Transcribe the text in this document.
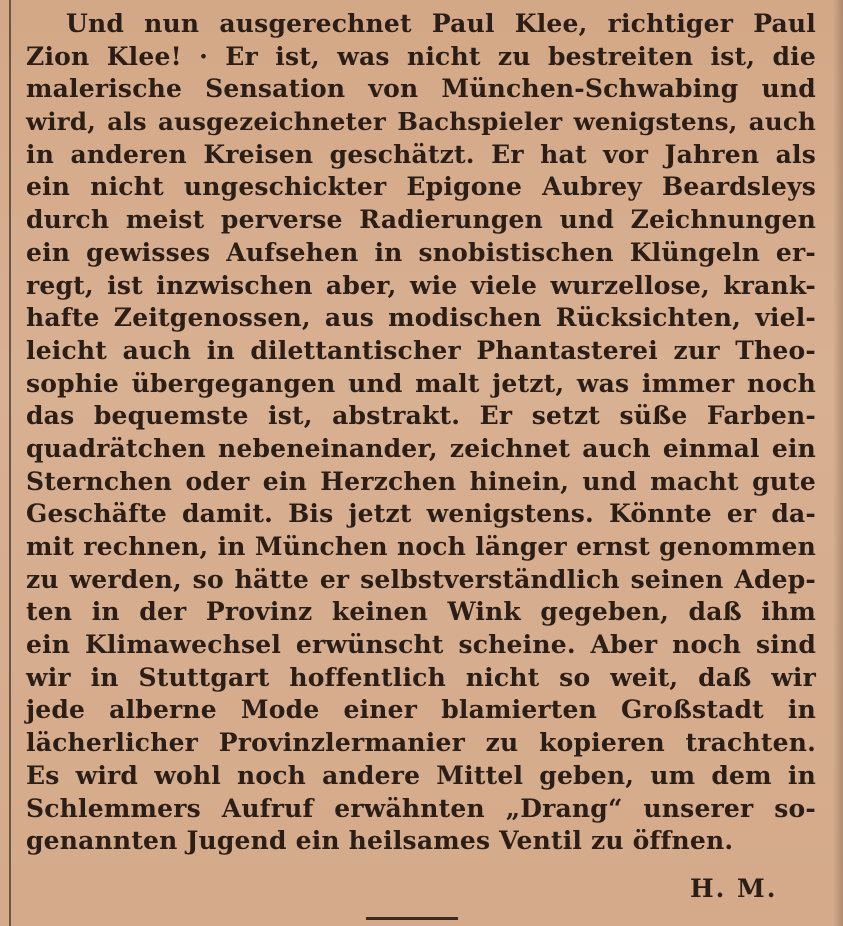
Und nun ausgerechnet Paul Klee, richtiger Paul
Zion Klee! · Er ist, was nicht zu bestreiten ist, die
malerische Sensation von München-Schwabing und
wird, als ausgezeichneter Bachspieler wenigstens, auch
in anderen Kreisen geschätzt. Er hat vor Jahren als
ein nicht ungeschickter Epigone Aubrey Beardsleys
durch meist perverse Radierungen und Zeichnungen
ein gewisses Aufsehen in snobistischen Klüngeln er-
regt, ist inzwischen aber, wie viele wurzellose, krank-
hafte Zeitgenossen, aus modischen Rücksichten, viel-
leicht auch in dilettantischer Phantasterei zur Theo-
sophie übergegangen und malt jetzt, was immer noch
das bequemste ist, abstrakt. Er setzt süße Farben-
quadrätchen nebeneinander, zeichnet auch einmal ein
Sternchen oder ein Herzchen hinein, und macht gute
Geschäfte damit. Bis jetzt wenigstens. Könnte er da-
mit rechnen, in München noch länger ernst genommen
zu werden, so hätte er selbstverständlich seinen Adep-
ten in der Provinz keinen Wink gegeben, daß ihm
ein Klimawechsel erwünscht scheine. Aber noch sind
wir in Stuttgart hoffentlich nicht so weit, daß wir
jede alberne Mode einer blamierten Großstadt in
lächerlicher Provinzlermanier zu kopieren trachten.
Es wird wohl noch andere Mittel geben, um dem in
Schlemmers Aufruf erwähnten „Drang“ unserer so-
genannten Jugend ein heilsames Ventil zu öffnen.
H. M.
